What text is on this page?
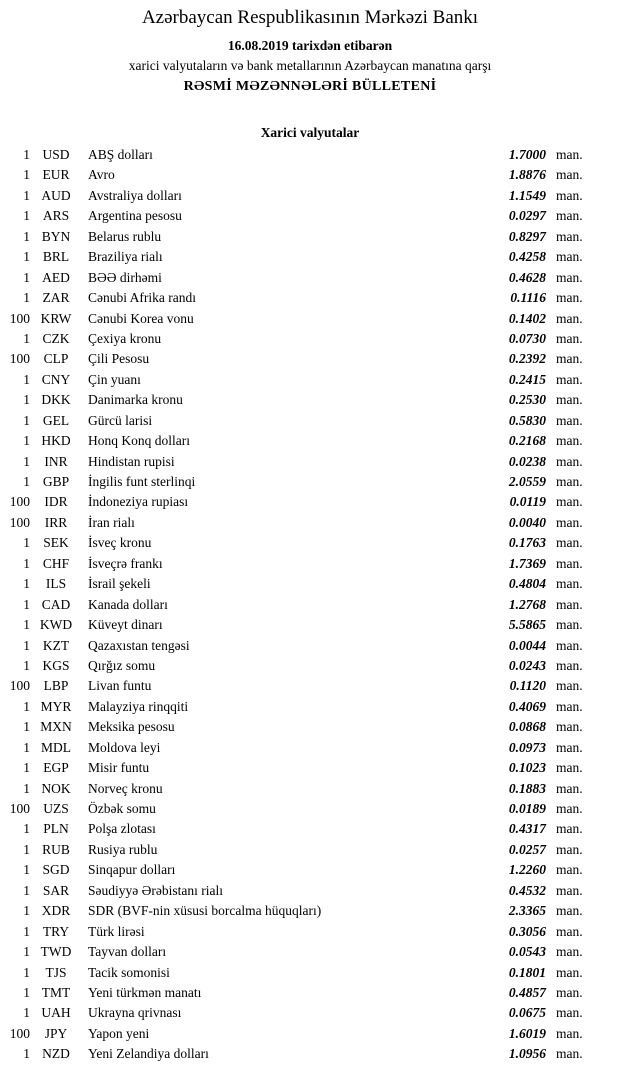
Azərbaycan Respublikasının Mərkəzi Bankı
16.08.2019 tarixdən etibarən
xarici valyutaların və bank metallarının Azərbaycan manatına qarşı
RƏSMİ MƏZƏNNƏLƏRİ BÜLLETENİ
Xarici valyutalar
1 USD	ABŞ dolları	1.7000 man.
1 EUR	Avro	1.8876 man.
1 AUD	Avstraliya dolları	1.1549 man.
1 ARS	Argentina pesosu	0.0297 man.
1 BYN	Belarus rublu	0.8297 man.
1 BRL	Braziliya rialı	0.4258 man.
1 AED	BƏƏ dirhəmi	0.4628 man.
1 ZAR	Cənubi Afrika randı	0.1116 man.
100 KRW	Cənubi Korea vonu	0.1402 man.
1 CZK	Çexiya kronu	0.0730 man.
100	CLP	Çili Pesosu	0.2392 man.
1 CNY	Çin yuanı	0.2415 man.
1 DKK	Danimarka kronu	0.2530 man.
1 GEL	Gürcü larisi	0.5830 man.
1 HKD	Honq Konq dolları	0.2168 man.
1	INR	Hindistan rupisi	0.0238 man.
1 GBP	İngilis funt sterlinqi	2.0559 man.
100	IDR	İndoneziya rupiası	0.0119 man.
100	IRR	İran rialı	0.0040 man.
1 SEK	İsveç kronu	0.1763 man.
1 CHF	İsveçrə frankı	1.7369 man.
1	ILS	İsrail şekeli	0.4804 man.
1 CAD	Kanada dolları	1.2768 man.
1 KWD	Küveyt dinarı	5.5865 man.
1 KZT	Qazaxıstan tengəsi	0.0044 man.
1 KGS	Qırğız somu	0.0243 man.
100	LBP	Livan funtu	0.1120 man.
1 MYR	Malayziya rinqqiti	0.4069 man.
1 MXN	Meksika pesosu	0.0868 man.
1 MDL	Moldova leyi	0.0973 man.
1 EGP	Misir funtu	0.1023 man.
1 NOK	Norveç kronu	0.1883 man.
100 UZS	Özbək somu	0.0189 man.
1 PLN	Polşa zlotası	0.4317 man.
1 RUB	Rusiya rublu	0.0257 man.
1 SGD	Sinqapur dolları	1.2260 man.
1 SAR	Səudiyyə Ərəbistanı rialı	0.4532 man.
1 XDR	SDR (BVF-nin xüsusi borcalma hüquqları)	2.3365 man.
1 TRY	Türk lirəsi	0.3056 man.
1 TWD	Tayvan dolları	0.0543 man.
1	TJS	Tacik somonisi	0.1801 man.
1 TMT	Yeni türkmən manatı	0.4857 man.
1 UAH	Ukrayna qrivnası	0.0675 man.
100	JPY	Yapon yeni	1.6019 man.
1 NZD	Yeni Zelandiya dolları	1.0956 man.
